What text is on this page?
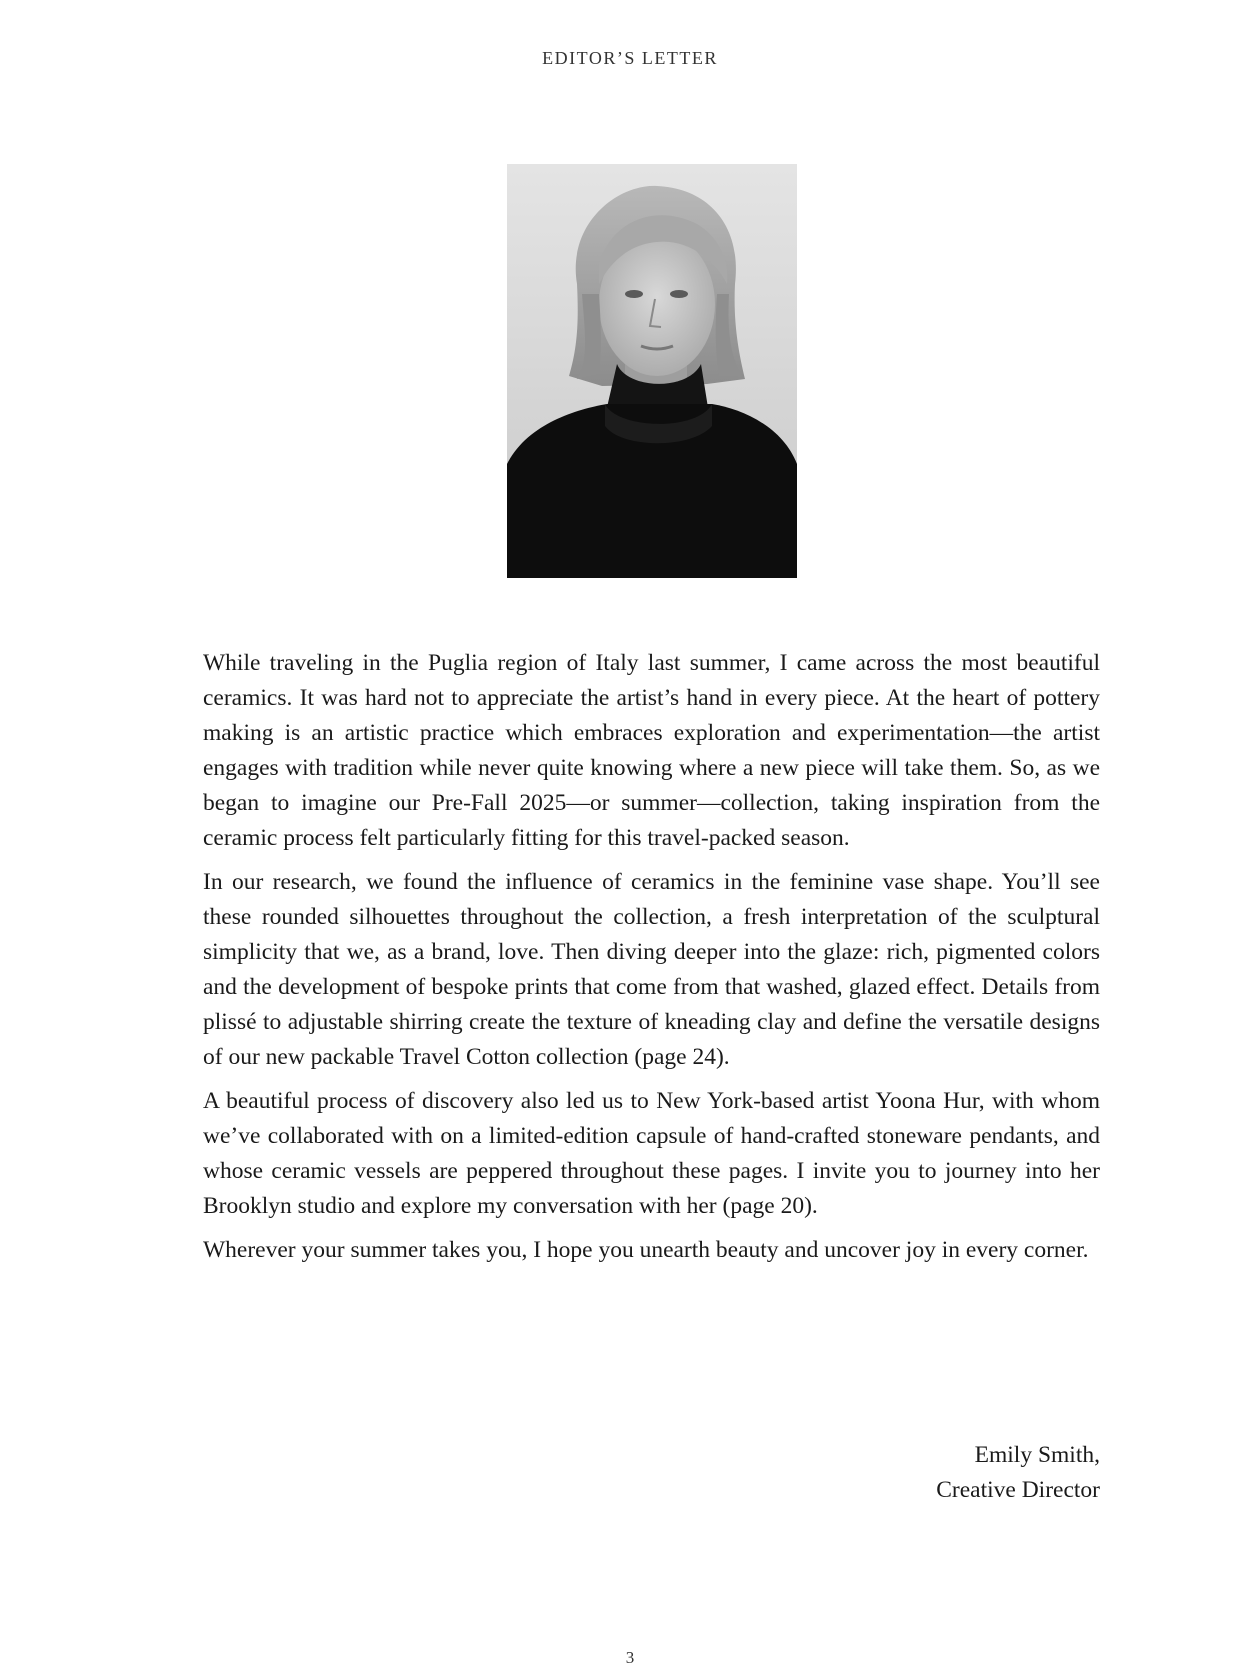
EDITOR’S LETTER

While traveling in the Puglia region of Italy last summer, I came across the most beautiful ceramics. It was hard not to appreciate the artist’s hand in every piece. At the heart of pottery making is an artistic practice which embraces exploration and experimentation—the artist engages with tradition while never quite knowing where a new piece will take them. So, as we began to imagine our Pre-Fall 2025—or summer—collection, taking inspiration from the ceramic process felt particularly fitting for this travel-packed season.

In our research, we found the influence of ceramics in the feminine vase shape. You’ll see these rounded silhouettes throughout the collection, a fresh interpretation of the sculptural simplicity that we, as a brand, love. Then diving deeper into the glaze: rich, pigmented colors and the development of bespoke prints that come from that washed, glazed effect. Details from plissé to adjustable shirring create the texture of kneading clay and define the versatile designs of our new packable Travel Cotton collection (page 24).

A beautiful process of discovery also led us to New York-based artist Yoona Hur, with whom we’ve collaborated with on a limited-edition capsule of hand-crafted stoneware pendants, and whose ceramic vessels are peppered throughout these pages. I invite you to journey into her Brooklyn studio and explore my conversation with her (page 20).

Wherever your summer takes you, I hope you unearth beauty and uncover joy in every corner.

Emily Smith,
Creative Director
3
